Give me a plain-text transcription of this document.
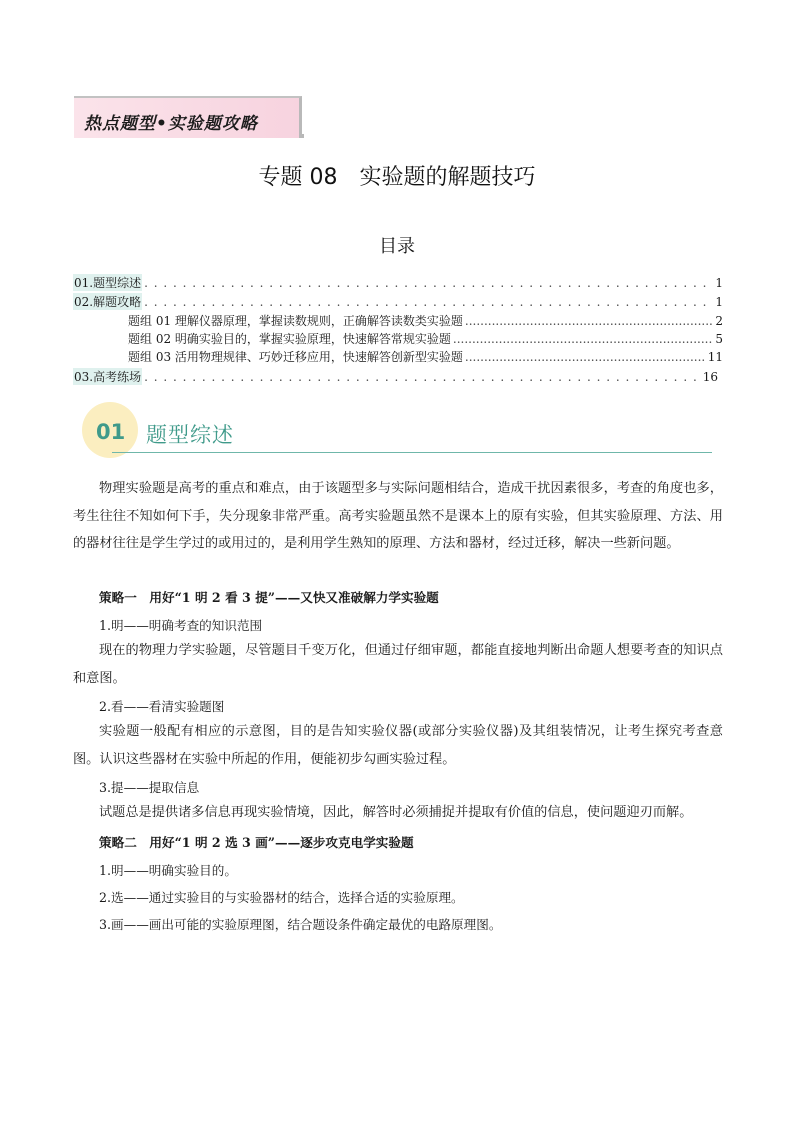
热点题型•实验题攻略
专题 08 实验题的解题技巧
目录
01.题型综述 . . .	1
02.解题攻略 . . .	1
题组 01 理解仪器原理，掌握读数规则，正确解答读数类实验题 .....	2
题组 02 明确实验目的，掌握实验原理，快速解答常规实验题 .....	5
题组 03 活用物理规律、巧妙迁移应用，快速解答创新型实验题 .....	11
03.高考练场 . . .	16
01 题型综述
物理实验题是高考的重点和难点，由于该题型多与实际问题相结合，造成干扰因素很多，考查的角度也多，考生往往不知如何下手，失分现象非常严重。高考实验题虽然不是课本上的原有实验，但其实验原理、方法、用的器材往往是学生学过的或用过的，是利用学生熟知的原理、方法和器材，经过迁移，解决一些新问题。
策略一　用好“1 明 2 看 3 提”——又快又准破解力学实验题
1.明——明确考查的知识范围
现在的物理力学实验题，尽管题目千变万化，但通过仔细审题，都能直接地判断出命题人想要考查的知识点和意图。
2.看——看清实验题图
实验题一般配有相应的示意图，目的是告知实验仪器(或部分实验仪器)及其组装情况，让考生探究考查意图。认识这些器材在实验中所起的作用，便能初步勾画实验过程。
3.提——提取信息
试题总是提供诸多信息再现实验情境，因此，解答时必须捕捉并提取有价值的信息，使问题迎刃而解。
策略二　用好“1 明 2 选 3 画”——逐步攻克电学实验题
1.明——明确实验目的。
2.选——通过实验目的与实验器材的结合，选择合适的实验原理。
3.画——画出可能的实验原理图，结合题设条件确定最优的电路原理图。
